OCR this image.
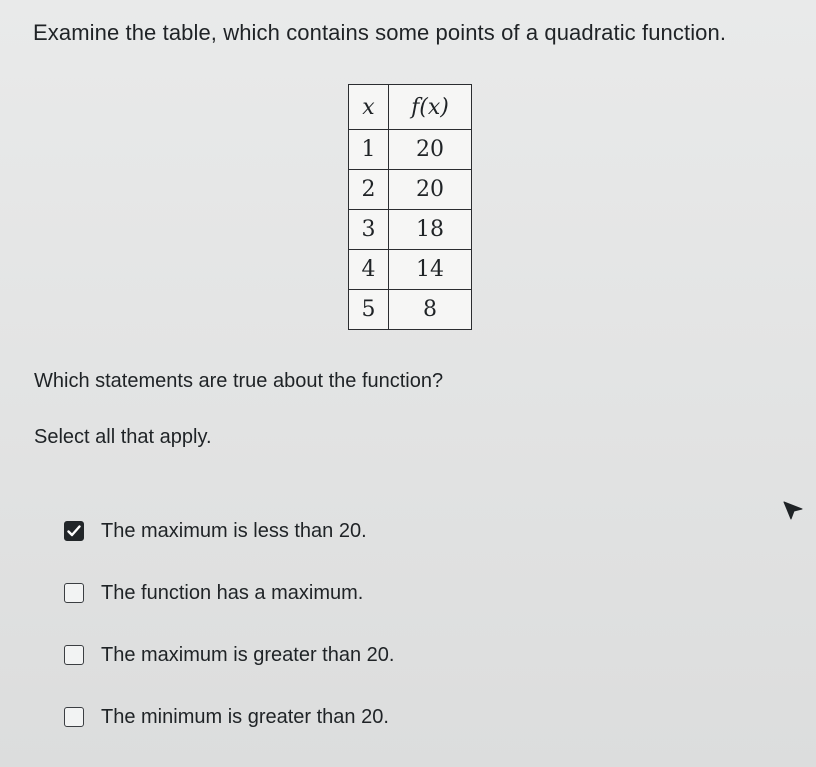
Examine the table, which contains some points of a quadratic function.
x	f(x)
1	20
2	20
3	18
4	14
5	8
Which statements are true about the function?
Select all that apply.
The maximum is less than 20.
The function has a maximum.
The maximum is greater than 20.
The minimum is greater than 20.
